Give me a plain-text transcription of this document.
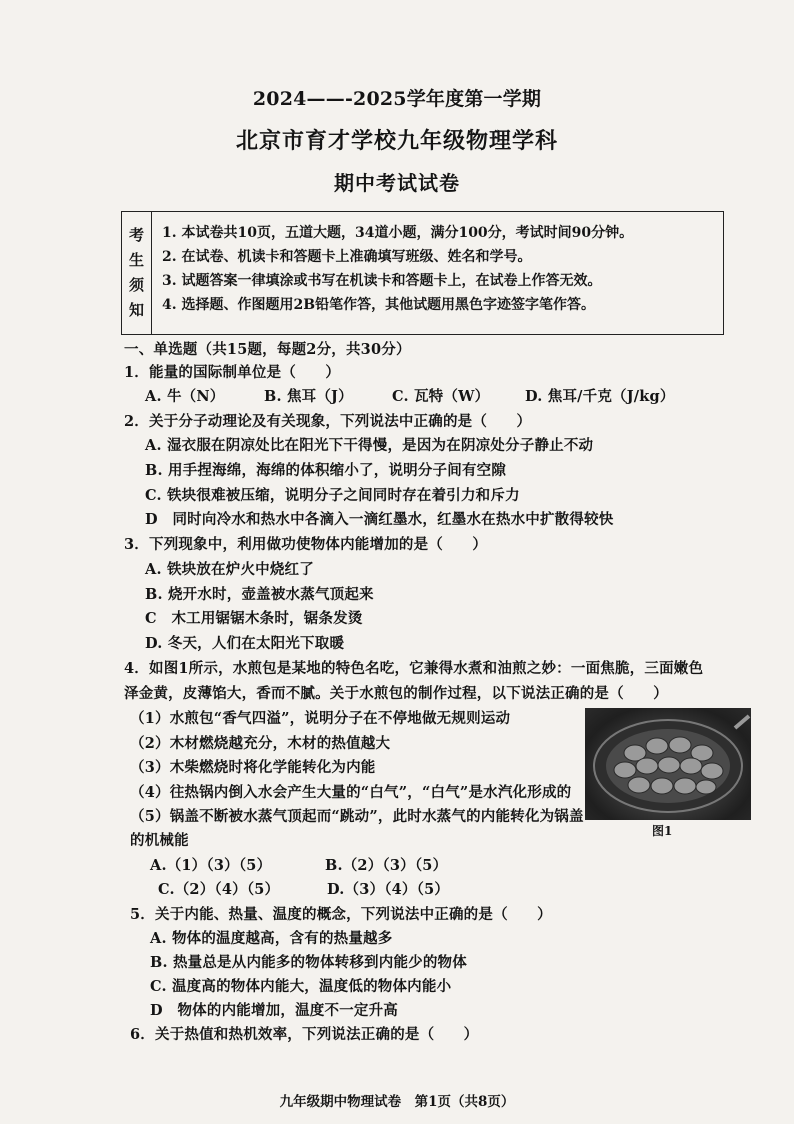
2024——-2025学年度第一学期
北京市育才学校九年级物理学科
期中考试试卷
考
生
须
知
1. 本试卷共10页，五道大题，34道小题，满分100分，考试时间90分钟。
2. 在试卷、机读卡和答题卡上准确填写班级、姓名和学号。
3. 试题答案一律填涂或书写在机读卡和答题卡上，在试卷上作答无效。
4. 选择题、作图题用2B铅笔作答，其他试题用黑色字迹签字笔作答。
一、单选题（共15题，每题2分，共30分）
1．能量的国际制单位是（　　）
A. 牛（N）	B. 焦耳（J）	C. 瓦特（W） D. 焦耳/千克（J/kg）
2．关于分子动理论及有关现象，下列说法中正确的是（　　）
A. 湿衣服在阴凉处比在阳光下干得慢，是因为在阴凉处分子静止不动
B. 用手捏海绵，海绵的体积缩小了，说明分子间有空隙
C. 铁块很难被压缩，说明分子之间同时存在着引力和斥力
D　同时向冷水和热水中各滴入一滴红墨水，红墨水在热水中扩散得较快
3．下列现象中，利用做功使物体内能增加的是（　　）
A. 铁块放在炉火中烧红了
B. 烧开水时，壶盖被水蒸气顶起来
C　木工用锯锯木条时，锯条发烫
D. 冬天，人们在太阳光下取暖
4．如图1所示，水煎包是某地的特色名吃，它兼得水煮和油煎之妙：一面焦脆，三面嫩色
泽金黄，皮薄馅大，香而不腻。关于水煎包的制作过程，以下说法正确的是（　　）
（1）水煎包“香气四溢”，说明分子在不停地做无规则运动
（2）木材燃烧越充分，木材的热值越大
（3）木柴燃烧时将化学能转化为内能
（4）往热锅内倒入水会产生大量的“白气”，“白气”是水汽化形成的
（5）锅盖不断被水蒸气顶起而“跳动”，此时水蒸气的内能转化为锅盖
的机械能
图1
A.（1）（3）（5）	B.（2）（3）（5）
C.（2）（4）（5）	D.（3）（4）（5）
5．关于内能、热量、温度的概念，下列说法中正确的是（　　）
A. 物体的温度越高，含有的热量越多
B. 热量总是从内能多的物体转移到内能少的物体
C. 温度高的物体内能大，温度低的物体内能小
D　物体的内能增加，温度不一定升高
6．关于热值和热机效率，下列说法正确的是（　　）
九年级期中物理试卷　第1页（共8页）
